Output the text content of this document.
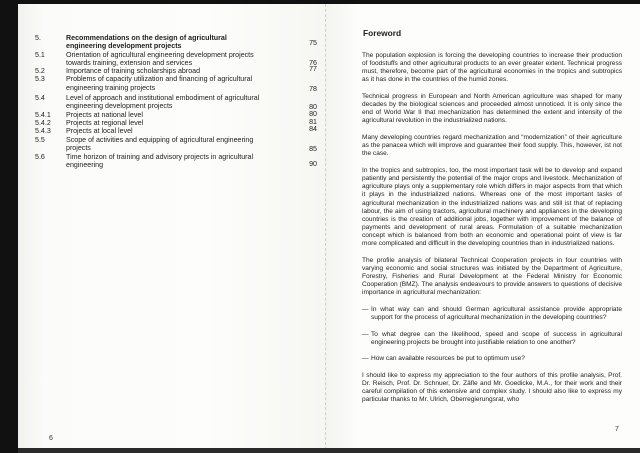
5.	Recommendations on the design of agricultural engineering development projects	75
5.1	Orientation of agricultural engineering development projects towards training, extension and services	76
5.2	Importance of training scholarships abroad	77
5.3	Problems of capacity utilization and financing of agricultural engineering training projects	78
5.4	Level of approach and institutional embodiment of agricultural engineering development projects	80
5.4.1	Projects at national level	80
5.4.2	Projects at regional level	81
5.4.3	Projects at local level	84
5.5	Scope of activities and equipping of agricultural engineering projects	85
5.6	Time horizon of training and advisory projects in agricultural engineering	90
6
Foreword

The population explosion is forcing the developing countries to increase their production of foodstuffs and other agricultural products to an ever greater extent. Technical progress must, therefore, become part of the agricultural economies in the tropics and subtropics as it has done in the countries of the humid zones.

Technical progress in European and North American agriculture was shaped for many decades by the biological sciences and proceeded almost unnoticed. It is only since the end of World War II that mechanization has determined the extent and intensity of the agricultural revolution in the industrialized nations.

Many developing countries regard mechanization and “modernization” of their agriculture as the panacea which will improve and guarantee their food supply. This, however, ist not the case.

In the tropics and subtropics, too, the most important task will be to develop and expand patiently and persistently the potential of the major crops and livestock. Mechanization of agriculture plays only a supplementary role which differs in major aspects from that which it plays in the industrialized nations. Whereas one of the most important tasks of agricultural mechanization in the industrialized nations was and still ist that of replacing labour, the aim of using tractors, agricultural machinery and appliances in the developing countries is the creation of additional jobs, together with improvement of the balance of payments and development of rural areas. Formulation of a suitable mechanization concept which is balanced from both an economic and operational point of view is far more complicated and difficult in the developing countries than in industrialized nations.

The profile analysis of bilateral Technical Cooperation projects in four countries with varying economic and social structures was initiated by the Department of Agriculture, Forestry, Fisheries and Rural Development at the Federal Ministry for Economic Cooperation (BMZ). The analysis endeavours to provide answers to questions of decisive importance in agricultural mechanization:

— In what way can and should German agricultural assistance provide appropriate support for the process of agricultural mechanization in the developing countries?
— To what degree can the likelihood, speed and scope of success in agricultural engineering projects be brought into justifiable relation to one another?
— How can available resources be put to optimum use?

I should like to express my appreciation to the four authors of this profile analysis, Prof. Dr. Reisch, Prof. Dr. Schnuer, Dr. Zäfle and Mr. Goedicke, M.A., for their work and their careful compilation of this extensive and complex study. I should also like to express my particular thanks to Mr. Ulrich, Oberregierungsrat, who

7
